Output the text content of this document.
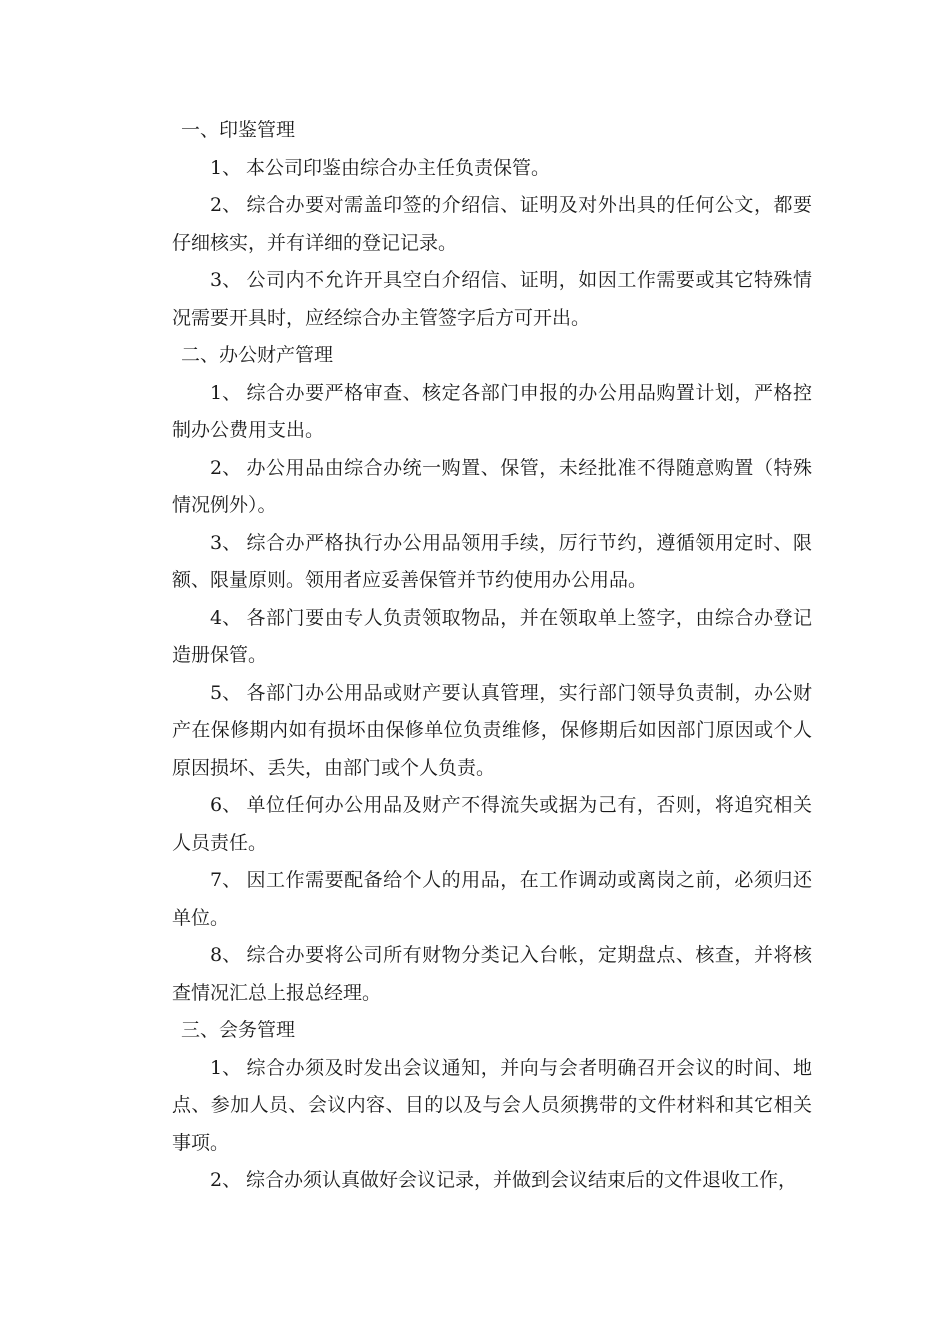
一、印鉴管理

1、 本公司印鉴由综合办主任负责保管。

2、 综合办要对需盖印签的介绍信、证明及对外出具的任何公文，都要仔细核实，并有详细的登记记录。

3、 公司内不允许开具空白介绍信、证明，如因工作需要或其它特殊情况需要开具时，应经综合办主管签字后方可开出。

二、办公财产管理

1、 综合办要严格审查、核定各部门申报的办公用品购置计划，严格控制办公费用支出。

2、 办公用品由综合办统一购置、保管，未经批准不得随意购置（特殊情况例外）。

3、 综合办严格执行办公用品领用手续，厉行节约，遵循领用定时、限额、限量原则。领用者应妥善保管并节约使用办公用品。

4、 各部门要由专人负责领取物品，并在领取单上签字，由综合办登记造册保管。

5、 各部门办公用品或财产要认真管理，实行部门领导负责制，办公财产在保修期内如有损坏由保修单位负责维修，保修期后如因部门原因或个人原因损坏、丢失，由部门或个人负责。

6、 单位任何办公用品及财产不得流失或据为己有，否则，将追究相关人员责任。

7、 因工作需要配备给个人的用品，在工作调动或离岗之前，必须归还单位。

8、 综合办要将公司所有财物分类记入台帐，定期盘点、核查，并将核查情况汇总上报总经理。

三、会务管理

1、 综合办须及时发出会议通知，并向与会者明确召开会议的时间、地点、参加人员、会议内容、目的以及与会人员须携带的文件材料和其它相关事项。

2、 综合办须认真做好会议记录，并做到会议结束后的文件退收工作，
